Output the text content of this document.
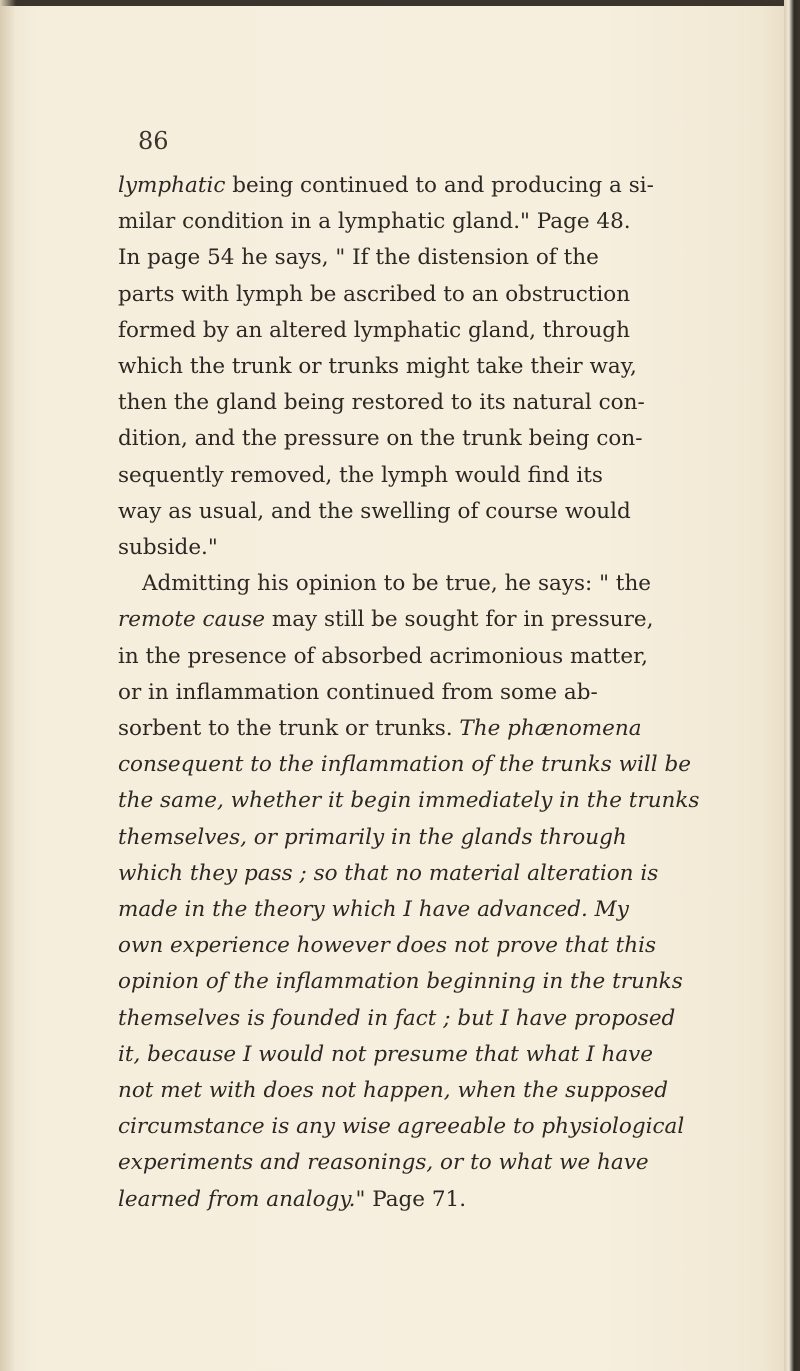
86
lymphatic being continued to and producing a si-
milar condition in a lymphatic gland." Page 48.
In page 54 he says, " If the distension of the
parts with lymph be ascribed to an obstruction
formed by an altered lymphatic gland, through
which the trunk or trunks might take their way,
then the gland being restored to its natural con-
dition, and the pressure on the trunk being con-
sequently removed, the lymph would find its
way as usual, and the swelling of course would
subside."
Admitting his opinion to be true, he says: " the
remote cause may still be sought for in pressure,
in the presence of absorbed acrimonious matter,
or in inflammation continued from some ab-
sorbent to the trunk or trunks. The phænomena
consequent to the inflammation of the trunks will be
the same, whether it begin immediately in the trunks
themselves, or primarily in the glands through
which they pass ; so that no material alteration is
made in the theory which I have advanced. My
own experience however does not prove that this
opinion of the inflammation beginning in the trunks
themselves is founded in fact ; but I have proposed
it, because I would not presume that what I have
not met with does not happen, when the supposed
circumstance is any wise agreeable to physiological
experiments and reasonings, or to what we have
learned from analogy." Page 71.
